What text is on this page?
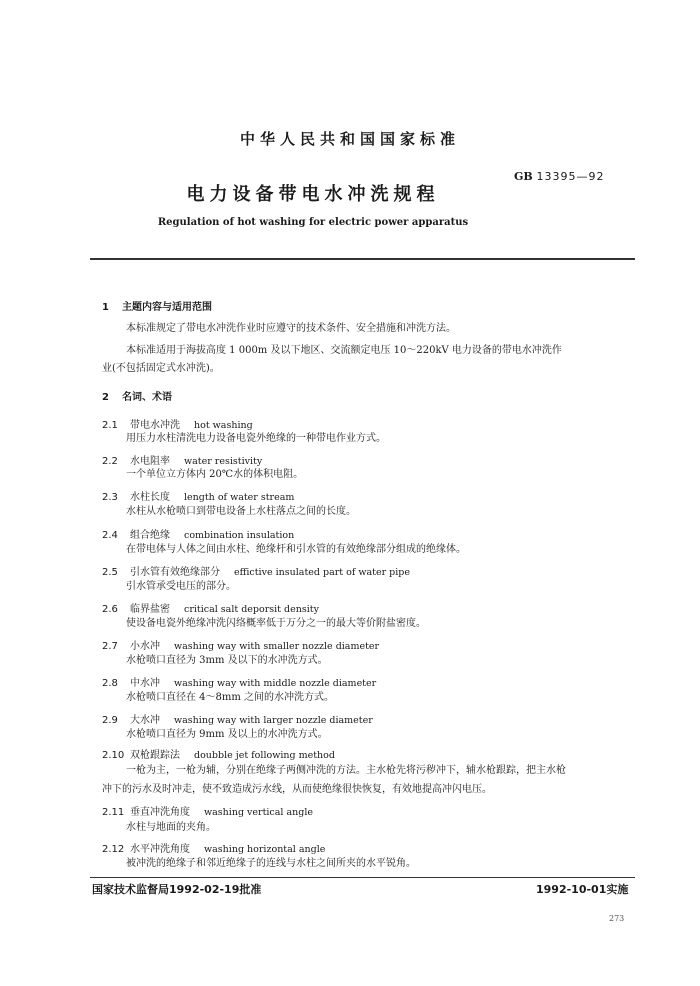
中华人民共和国国家标准
GB 13395—92
电力设备带电水冲洗规程
Regulation of hot washing for electric power apparatus
1 主题内容与适用范围
本标准规定了带电水冲洗作业时应遵守的技术条件、安全措施和冲洗方法。
本标准适用于海拔高度 1 000m 及以下地区、交流额定电压 10～220kV 电力设备的带电水冲洗作
业(不包括固定式水冲洗)。
2 名词、术语
2.1 带电水冲洗 hot washing
用压力水柱清洗电力设备电瓷外绝缘的一种带电作业方式。
2.2 水电阻率 water resistivity
一个单位立方体内 20℃水的体积电阻。
2.3 水柱长度 length of water stream
水柱从水枪喷口到带电设备上水柱落点之间的长度。
2.4 组合绝缘 combination insulation
在带电体与人体之间由水柱、绝缘杆和引水管的有效绝缘部分组成的绝缘体。
2.5 引水管有效绝缘部分 effictive insulated part of water pipe
引水管承受电压的部分。
2.6 临界盐密 critical salt deporsit density
使设备电瓷外绝缘冲洗闪络概率低于万分之一的最大等价附盐密度。
2.7 小水冲 washing way with smaller nozzle diameter
水枪喷口直径为 3mm 及以下的水冲洗方式。
2.8 中水冲 washing way with middle nozzle diameter
水枪喷口直径在 4～8mm 之间的水冲洗方式。
2.9 大水冲 washing way with larger nozzle diameter
水枪喷口直径为 9mm 及以上的水冲洗方式。
2.10 双枪跟踪法 doubble jet following method
一枪为主，一枪为辅，分别在绝缘子两侧冲洗的方法。主水枪先将污秽冲下，辅水枪跟踪，把主水枪
冲下的污水及时冲走，使不致造成污水线，从而使绝缘很快恢复，有效地提高冲闪电压。
2.11 垂直冲洗角度 washing vertical angle
水柱与地面的夹角。
2.12 水平冲洗角度 washing horizontal angle
被冲洗的绝缘子和邻近绝缘子的连线与水柱之间所夹的水平锐角。
国家技术监督局1992-02-19批准	1992-10-01实施
273
